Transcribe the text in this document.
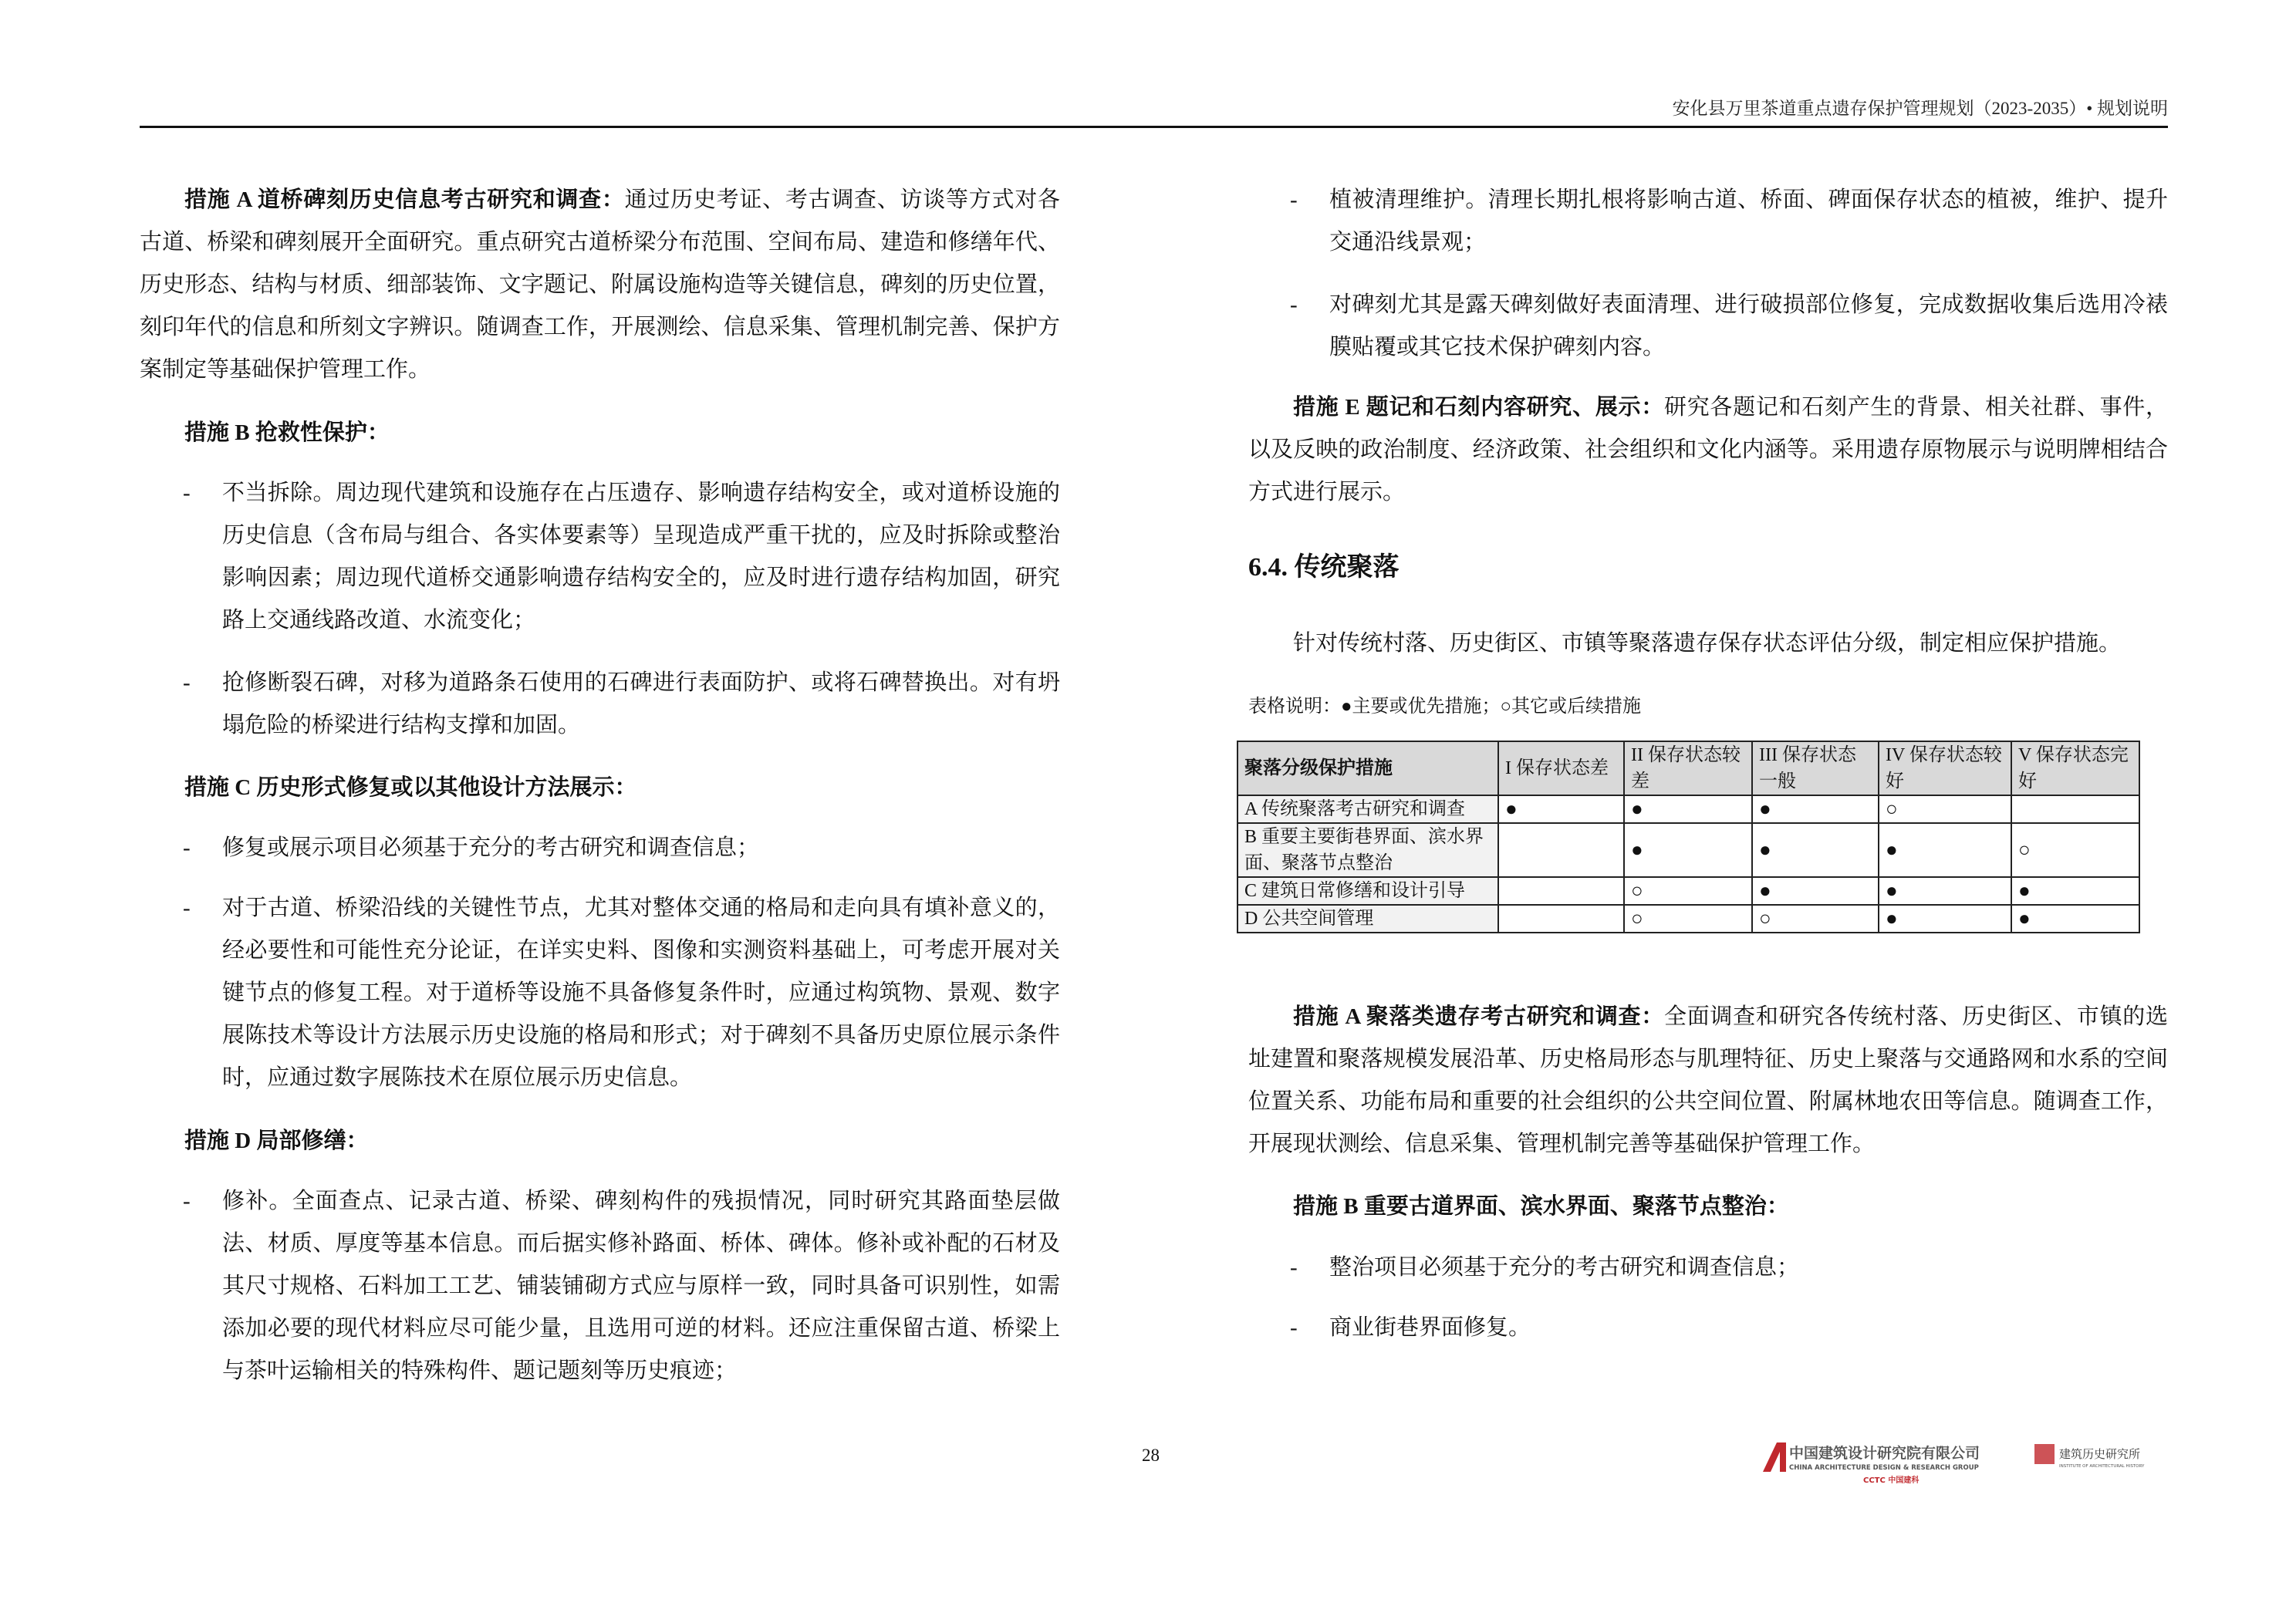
安化县万里茶道重点遗存保护管理规划（2023-2035）• 规划说明

措施 A 道桥碑刻历史信息考古研究和调查：通过历史考证、考古调查、访谈等方式对各古道、桥梁和碑刻展开全面研究。重点研究古道桥梁分布范围、空间布局、建造和修缮年代、历史形态、结构与材质、细部装饰、文字题记、附属设施构造等关键信息，碑刻的历史位置，刻印年代的信息和所刻文字辨识。随调查工作，开展测绘、信息采集、管理机制完善、保护方案制定等基础保护管理工作。

措施 B 抢救性保护：

- 不当拆除。周边现代建筑和设施存在占压遗存、影响遗存结构安全，或对道桥设施的历史信息（含布局与组合、各实体要素等）呈现造成严重干扰的，应及时拆除或整治影响因素；周边现代道桥交通影响遗存结构安全的，应及时进行遗存结构加固，研究路上交通线路改道、水流变化；

- 抢修断裂石碑，对移为道路条石使用的石碑进行表面防护、或将石碑替换出。对有坍塌危险的桥梁进行结构支撑和加固。

措施 C 历史形式修复或以其他设计方法展示：

- 修复或展示项目必须基于充分的考古研究和调查信息；

- 对于古道、桥梁沿线的关键性节点，尤其对整体交通的格局和走向具有填补意义的，经必要性和可能性充分论证，在详实史料、图像和实测资料基础上，可考虑开展对关键节点的修复工程。对于道桥等设施不具备修复条件时，应通过构筑物、景观、数字展陈技术等设计方法展示历史设施的格局和形式；对于碑刻不具备历史原位展示条件时，应通过数字展陈技术在原位展示历史信息。

措施 D 局部修缮：

- 修补。全面查点、记录古道、桥梁、碑刻构件的残损情况，同时研究其路面垫层做法、材质、厚度等基本信息。而后据实修补路面、桥体、碑体。修补或补配的石材及其尺寸规格、石料加工工艺、铺装铺砌方式应与原样一致，同时具备可识别性，如需添加必要的现代材料应尽可能少量，且选用可逆的材料。还应注重保留古道、桥梁上与茶叶运输相关的特殊构件、题记题刻等历史痕迹；

- 植被清理维护。清理长期扎根将影响古道、桥面、碑面保存状态的植被，维护、提升交通沿线景观；

- 对碑刻尤其是露天碑刻做好表面清理、进行破损部位修复，完成数据收集后选用冷裱膜贴覆或其它技术保护碑刻内容。

措施 E 题记和石刻内容研究、展示：研究各题记和石刻产生的背景、相关社群、事件，以及反映的政治制度、经济政策、社会组织和文化内涵等。采用遗存原物展示与说明牌相结合方式进行展示。

6.4. 传统聚落

针对传统村落、历史街区、市镇等聚落遗存保存状态评估分级，制定相应保护措施。

表格说明：●主要或优先措施；○其它或后续措施
聚落分级保护措施	I 保存状态差	II 保存状态较差	III 保存状态一般	IV 保存状态较好	V 保存状态完好
A 传统聚落考古研究和调查	●	●	●	○	
B 重要主要街巷界面、滨水界面、聚落节点整治		●	●	●	○
C 建筑日常修缮和设计引导		○	●	●	●
D 公共空间管理		○	○	●	●

措施 A 聚落类遗存考古研究和调查：全面调查和研究各传统村落、历史街区、市镇的选址建置和聚落规模发展沿革、历史格局形态与肌理特征、历史上聚落与交通路网和水系的空间位置关系、功能布局和重要的社会组织的公共空间位置、附属林地农田等信息。随调查工作，开展现状测绘、信息采集、管理机制完善等基础保护管理工作。

措施 B 重要古道界面、滨水界面、聚落节点整治：

- 整治项目必须基于充分的考古研究和调查信息；

- 商业街巷界面修复。

28	中国建筑设计研究院有限公司
CHINA ARCHITECTURE DESIGN & RESEARCH GROUP
CCTC 中国建科
建筑历史研究所
INSTITUTE OF ARCHITECTURAL HISTORY
